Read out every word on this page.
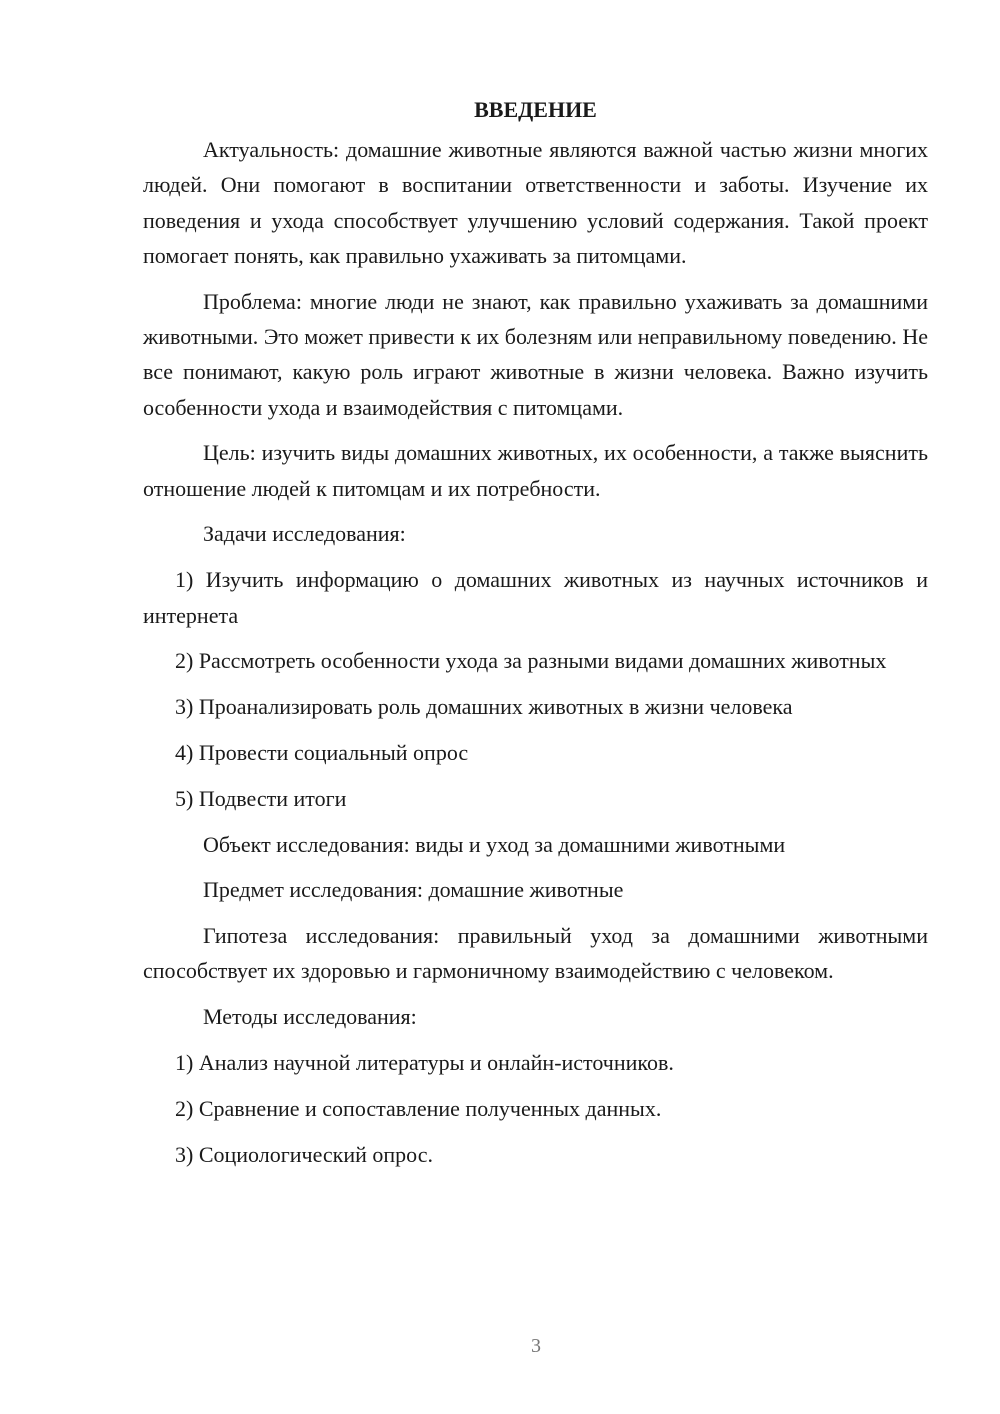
ВВЕДЕНИЕ
Актуальность: домашние животные являются важной частью жизни многих людей. Они помогают в воспитании ответственности и заботы. Изучение их поведения и ухода способствует улучшению условий содержания. Такой проект помогает понять, как правильно ухаживать за питомцами.
Проблема: многие люди не знают, как правильно ухаживать за домашними животными. Это может привести к их болезням или неправильному поведению. Не все понимают, какую роль играют животные в жизни человека. Важно изучить особенности ухода и взаимодействия с питомцами.
Цель: изучить виды домашних животных, их особенности, а также выяснить отношение людей к питомцам и их потребности.
Задачи исследования:
1) Изучить информацию о домашних животных из научных источников и интернета
2) Рассмотреть особенности ухода за разными видами домашних животных
3) Проанализировать роль домашних животных в жизни человека
4) Провести социальный опрос
5) Подвести итоги
Объект исследования: виды и уход за домашними животными
Предмет исследования: домашние животные
Гипотеза исследования: правильный уход за домашними животными способствует их здоровью и гармоничному взаимодействию с человеком.
Методы исследования:
1) Анализ научной литературы и онлайн-источников.
2) Сравнение и сопоставление полученных данных.
3) Социологический опрос.
3
